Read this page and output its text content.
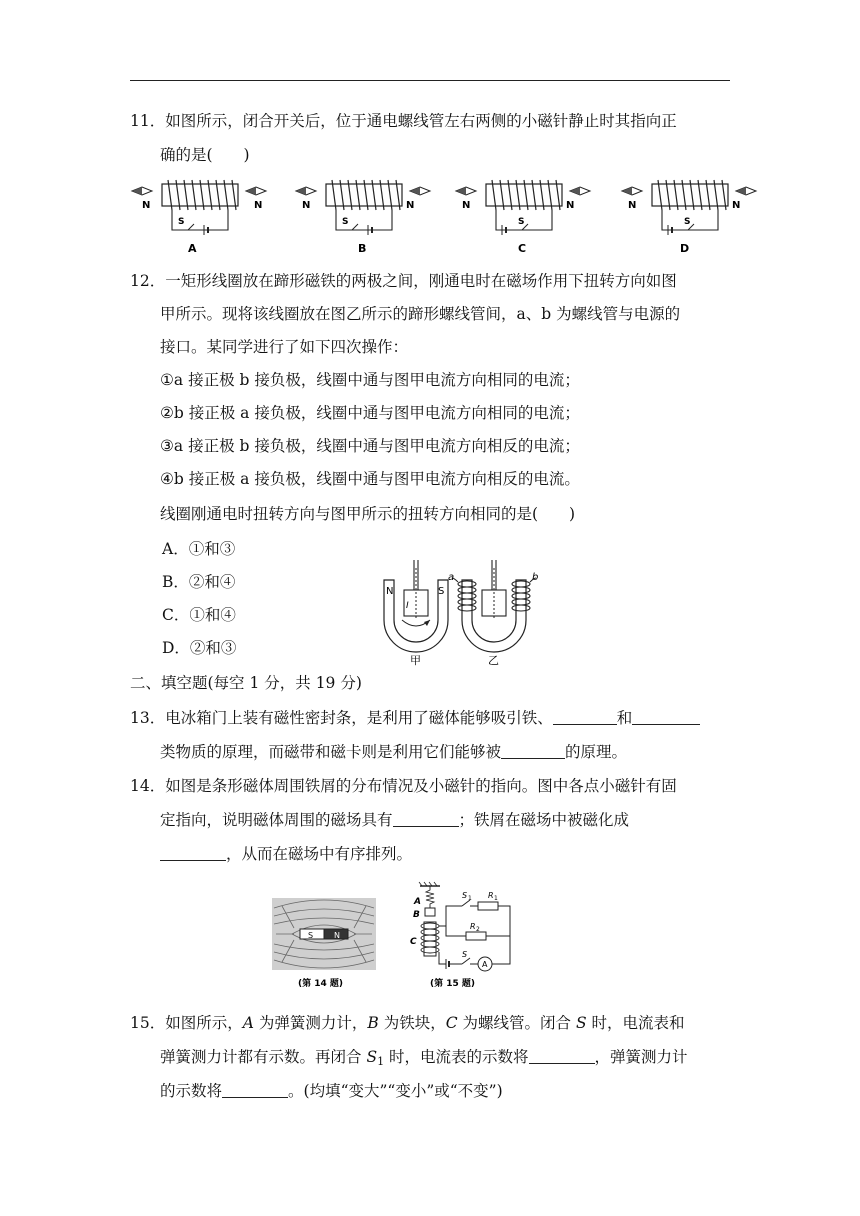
11．如图所示，闭合开关后，位于通电螺线管左右两侧的小磁针静止时其指向正
确的是(　　)
N	N
S
A
N	N
S
B
N	N
S
C
N	N
S
D
12．一矩形线圈放在蹄形磁铁的两极之间，刚通电时在磁场作用下扭转方向如图
甲所示。现将该线圈放在图乙所示的蹄形螺线管间，a、b 为螺线管与电源的
接口。某同学进行了如下四次操作：
①a 接正极 b 接负极，线圈中通与图甲电流方向相同的电流；
②b 接正极 a 接负极，线圈中通与图甲电流方向相同的电流；
③a 接正极 b 接负极，线圈中通与图甲电流方向相反的电流；
④b 接正极 a 接负极，线圈中通与图甲电流方向相反的电流。
线圈刚通电时扭转方向与图甲所示的扭转方向相同的是(　　)
A．①和③
B．②和④
C．①和④
D．②和③
N	S
I
甲
a	b
乙
二、填空题(每空 1 分，共 19 分)
13．电冰箱门上装有磁性密封条，是利用了磁体能够吸引铁、	和
类物质的原理，而磁带和磁卡则是利用它们能够被	的原理。
14．如图是条形磁体周围铁屑的分布情况及小磁针的指向。图中各点小磁针有固
定指向，说明磁体周围的磁场具有	；铁屑在磁场中被磁化成
，从而在磁场中有序排列。
S	N
(第 14 题)
A
B
C
S 1 R 1
R 2
S
A
(第 15 题)
15．如图所示，A 为弹簧测力计，B 为铁块，C 为螺线管。闭合 S 时，电流表和
弹簧测力计都有示数。再闭合 $S_1$ 时，电流表的示数将	，弹簧测力计
的示数将	。(均填“变大”“变小”或“不变”)
